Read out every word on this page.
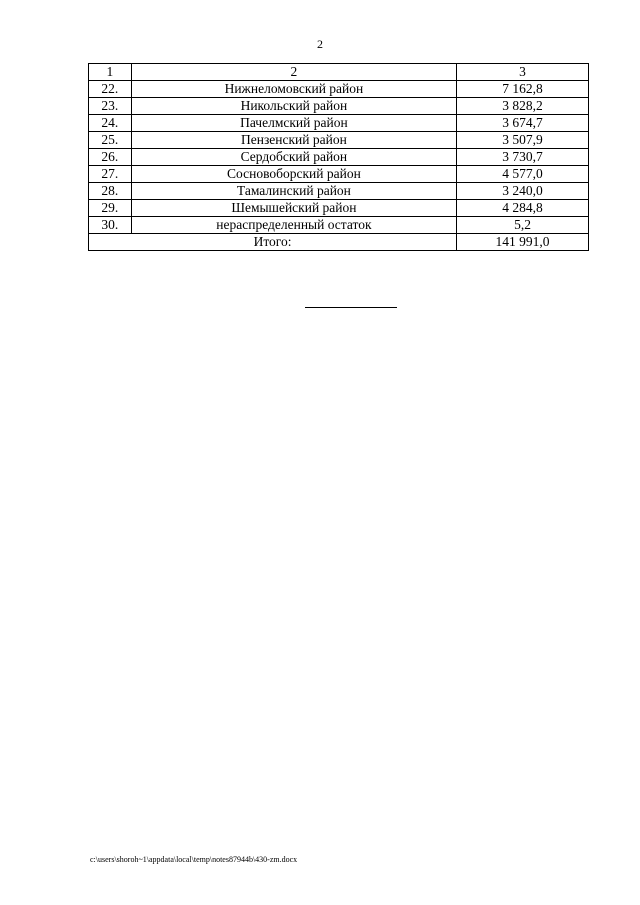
2
1	2	3
22.	Нижнеломовский район	7 162,8
23.	Никольский район	3 828,2
24.	Пачелмский район	3 674,7
25.	Пензенский район	3 507,9
26.	Сердобский район	3 730,7
27.	Сосновоборский район	4 577,0
28.	Тамалинский район	3 240,0
29.	Шемышейский район	4 284,8
30.	нераспределенный остаток	5,2
Итого:		141 991,0
c:\users\shoroh~1\appdata\local\temp\notes87944b\430-zm.docx
